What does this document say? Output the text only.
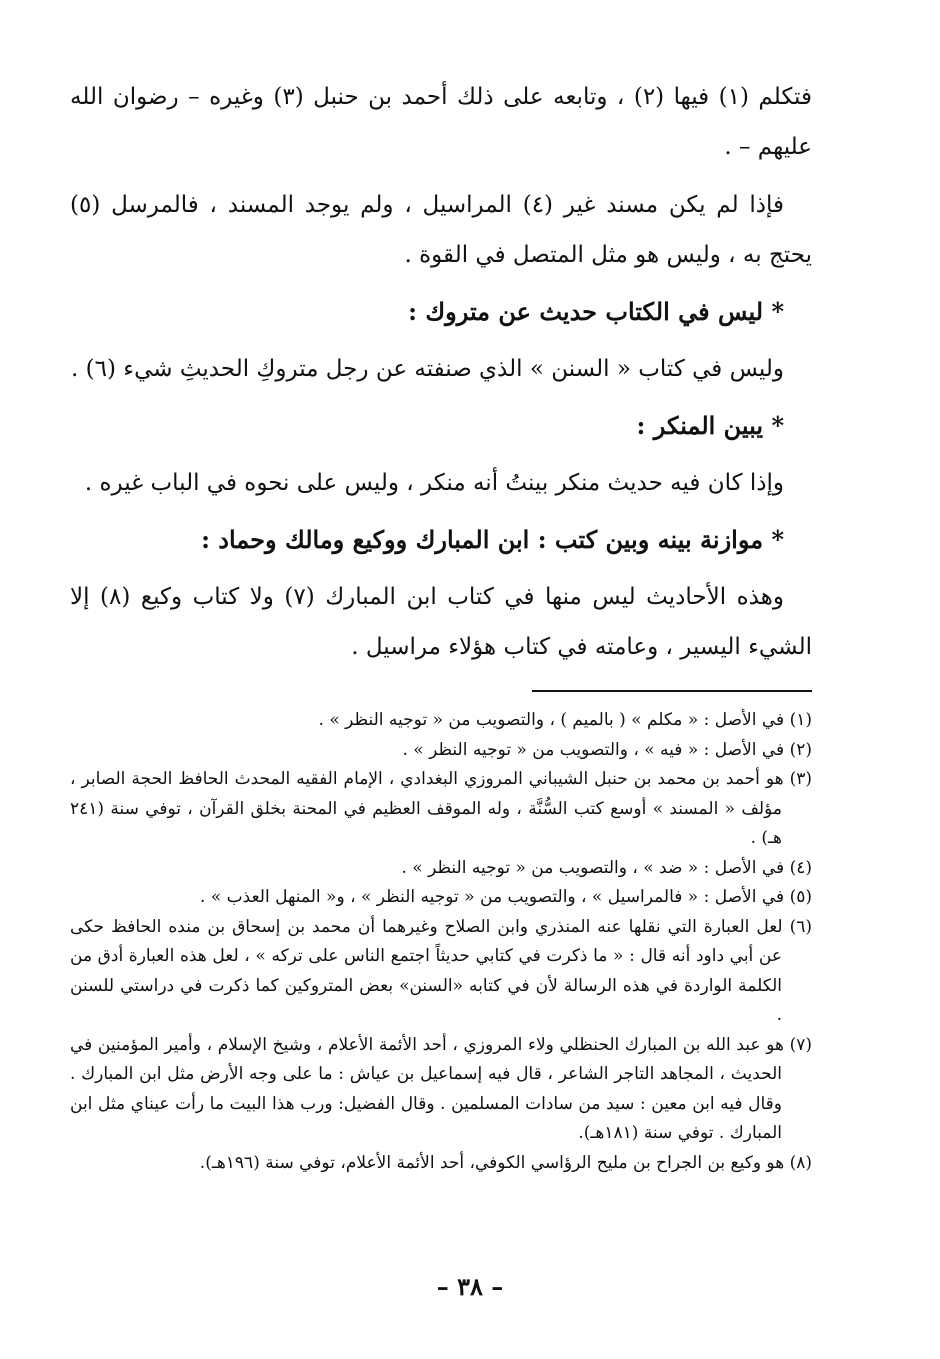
فتكلم (١) فيها (٢) ، وتابعه على ذلك أحمد بن حنبل (٣) وغيره – رضوان الله عليهم – .

فإذا لم يكن مسند غير (٤) المراسيل ، ولم يوجد المسند ، فالمرسل (٥) يحتج به ، وليس هو مثل المتصل في القوة .

* ليس في الكتاب حديث عن متروك :

وليس في كتاب « السنن » الذي صنفته عن رجل متروكِ الحديثِ شيء (٦) .

* يبين المنكر :

وإذا كان فيه حديث منكر بينتُ أنه منكر ، وليس على نحوه في الباب غيره .

* موازنة بينه وبين كتب : ابن المبارك ووكيع ومالك وحماد :

وهذه الأحاديث ليس منها في كتاب ابن المبارك (٧) ولا كتاب وكيع (٨) إلا الشيء اليسير ، وعامته في كتاب هؤلاء مراسيل .

(١) في الأصل : « مكلم » ( بالميم ) ، والتصويب من « توجيه النظر » .

(٢) في الأصل : « فيه » ، والتصويب من « توجيه النظر » .

(٣) هو أحمد بن محمد بن حنبل الشيباني المروزي البغدادي ، الإمام الفقيه المحدث الحافظ الحجة الصابر ، مؤلف « المسند » أوسع كتب السُّنَّة ، وله الموقف العظيم في المحنة بخلق القرآن ، توفي سنة (٢٤١ هـ) .

(٤) في الأصل : « ضد » ، والتصويب من « توجيه النظر » .

(٥) في الأصل : « فالمراسيل » ، والتصويب من « توجيه النظر » ، و« المنهل العذب » .

(٦) لعل العبارة التي نقلها عنه المنذري وابن الصلاح وغيرهما أن محمد بن إسحاق بن منده الحافظ حكى عن أبي داود أنه قال : « ما ذكرت في كتابي حديثاً اجتمع الناس على تركه » ، لعل هذه العبارة أدق من الكلمة الواردة في هذه الرسالة لأن في كتابه «السنن» بعض المتروكين كما ذكرت في دراستي للسنن .

(٧) هو عبد الله بن المبارك الحنظلي ولاء المروزي ، أحد الأئمة الأعلام ، وشيخ الإسلام ، وأمير المؤمنين في الحديث ، المجاهد التاجر الشاعر ، قال فيه إسماعيل بن عياش : ما على وجه الأرض مثل ابن المبارك . وقال فيه ابن معين : سيد من سادات المسلمين . وقال الفضيل: ورب هذا البيت ما رأت عيناي مثل ابن المبارك . توفي سنة (١٨١هـ).

(٨) هو وكيع بن الجراح بن مليح الرؤاسي الكوفي، أحد الأئمة الأعلام، توفي سنة (١٩٦هـ).

– ٣٨ –
